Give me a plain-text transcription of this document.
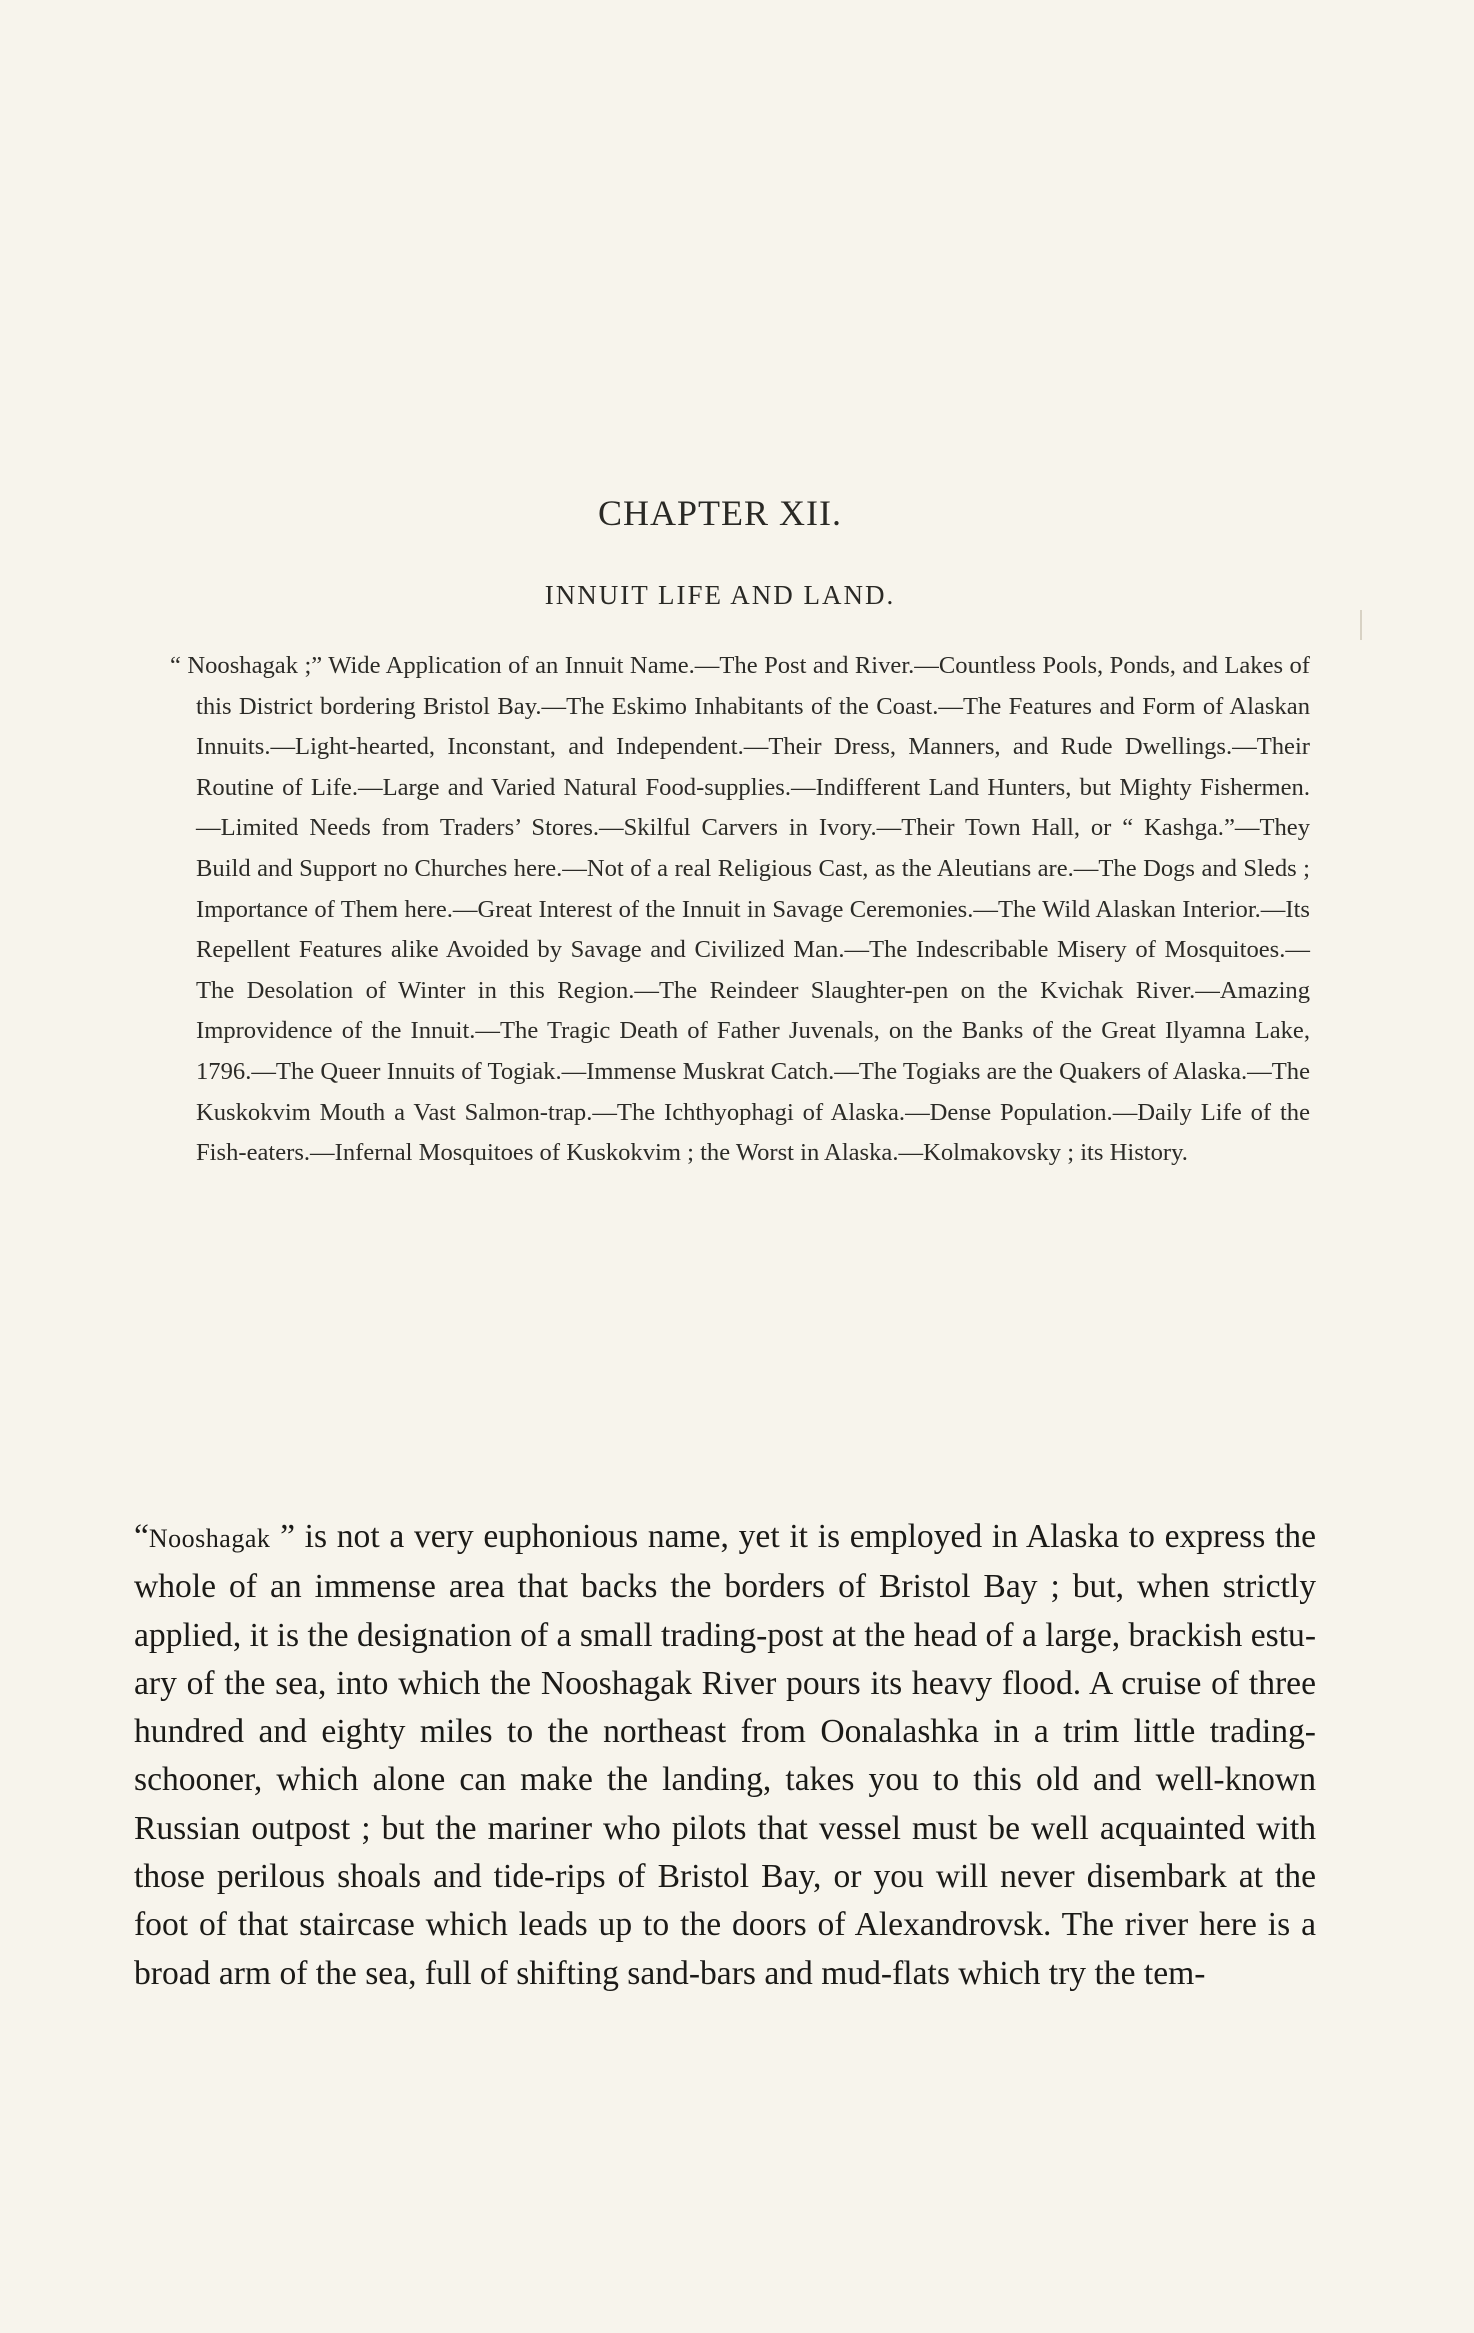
CHAPTER XII.
INNUIT LIFE AND LAND.

“ Nooshagak ;” Wide Application of an Innuit Name.—The Post and River.—Countless Pools, Ponds, and Lakes of this District bordering Bristol Bay.—The Eskimo Inhabitants of the Coast.—The Features and Form of Alaskan Innuits.—Light-hearted, Inconstant, and Independent.—Their Dress, Manners, and Rude Dwellings.—Their Routine of Life.—Large and Varied Natural Food-supplies.—Indifferent Land Hunters, but Mighty Fishermen.—Limited Needs from Traders’ Stores.—Skilful Carvers in Ivory.—Their Town Hall, or “ Kashga.”—They Build and Support no Churches here.—Not of a real Religious Cast, as the Aleutians are.—The Dogs and Sleds ; Importance of Them here.—Great Interest of the Innuit in Savage Ceremonies.—The Wild Alaskan Interior.—Its Repellent Features alike Avoided by Savage and Civilized Man.—The Indescribable Misery of Mosquitoes.—The Desolation of Winter in this Region.—The Reindeer Slaughter-pen on the Kvichak River.—Amazing Improvidence of the Innuit.—The Tragic Death of Father Juvenals, on the Banks of the Great Ilyamna Lake, 1796.—The Queer Innuits of Togiak.—Immense Muskrat Catch.—The Togiaks are the Quakers of Alaska.—The Kuskokvim Mouth a Vast Salmon-trap.—The Ichthyophagi of Alaska.—Dense Population.—Daily Life of the Fish-eaters.—Infernal Mosquitoes of Kuskokvim ; the Worst in Alaska.—Kolmakovsky ; its History.

“Nooshagak ” is not a very euphonious name, yet it is employed in Alaska to express the whole of an immense area that backs the borders of Bristol Bay ; but, when strictly applied, it is the designation of a small trading-post at the head of a large, brackish estuary of the sea, into which the Nooshagak River pours its heavy flood. A cruise of three hundred and eighty miles to the northeast from Oonalashka in a trim little trading-schooner, which alone can make the landing, takes you to this old and well-known Russian outpost ; but the mariner who pilots that vessel must be well acquainted with those perilous shoals and tide-rips of Bristol Bay, or you will never disembark at the foot of that staircase which leads up to the doors of Alexandrovsk. The river here is a broad arm of the sea, full of shifting sand-bars and mud-flats which try the tem-
